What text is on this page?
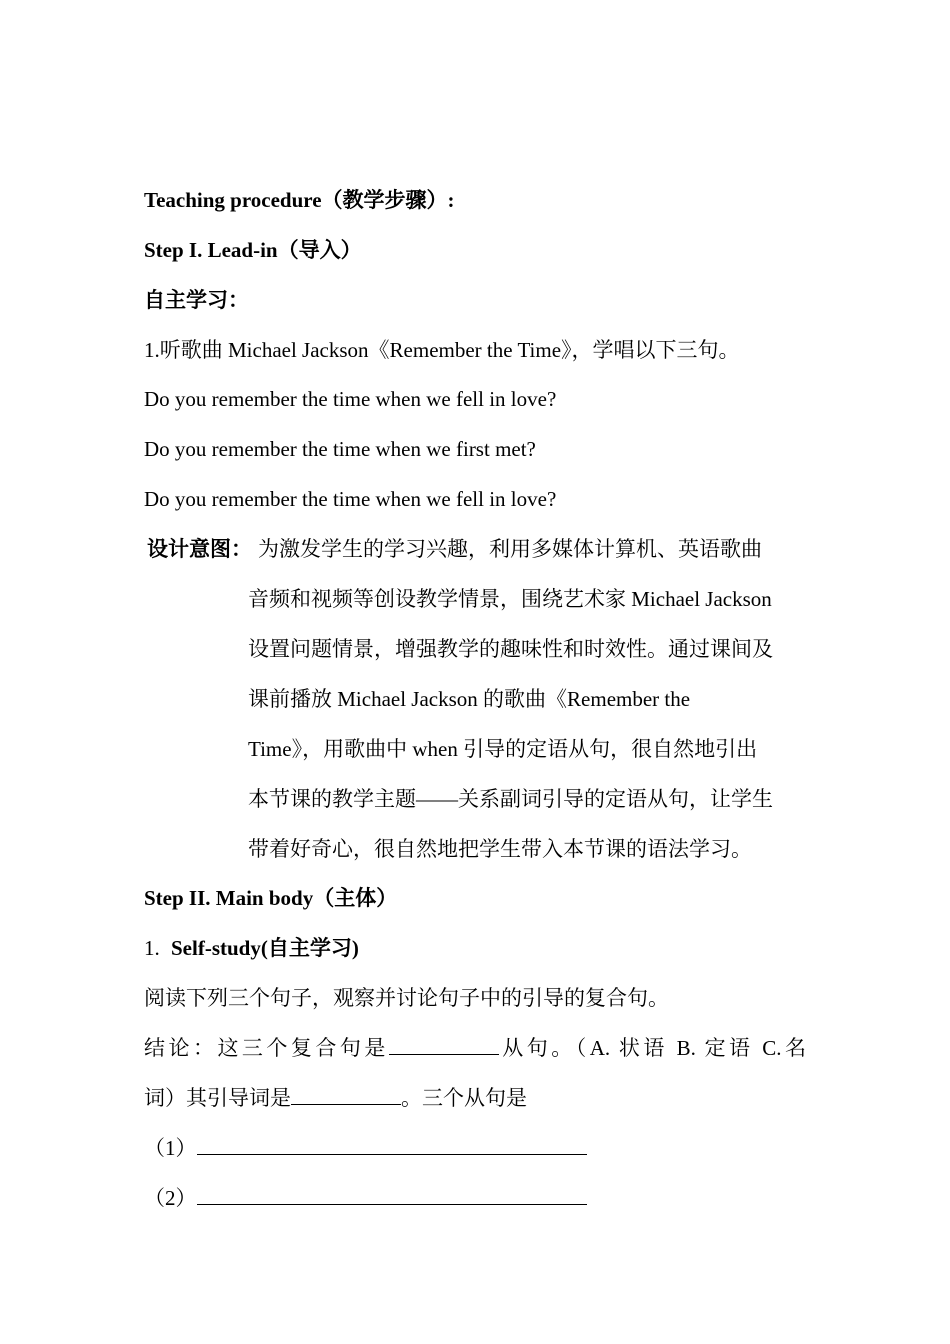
Teaching procedure（教学步骤）:
Step I. Lead-in（导入）
自主学习：
1.听歌曲 Michael Jackson《Remember the Time》，学唱以下三句。
Do you remember the time when we fell in love?
Do you remember the time when we first met?
Do you remember the time when we fell in love?
设计意图： 为激发学生的学习兴趣，利用多媒体计算机、英语歌曲
音频和视频等创设教学情景，围绕艺术家 Michael Jackson
设置问题情景，增强教学的趣味性和时效性。通过课间及
课前播放 Michael Jackson 的歌曲《Remember the
Time》，用歌曲中 when 引导的定语从句，很自然地引出
本节课的教学主题——关系副词引导的定语从句，让学生
带着好奇心，很自然地把学生带入本节课的语法学习。
Step II. Main body（主体）
1. Self-study(自主学习)
阅读下列三个句子，观察并讨论句子中的引导的复合句。
结论：这三个复合句是	从句。（A. 状语 B. 定语 C.名
词）其引导词是	。三个从句是
（1）
（2）
